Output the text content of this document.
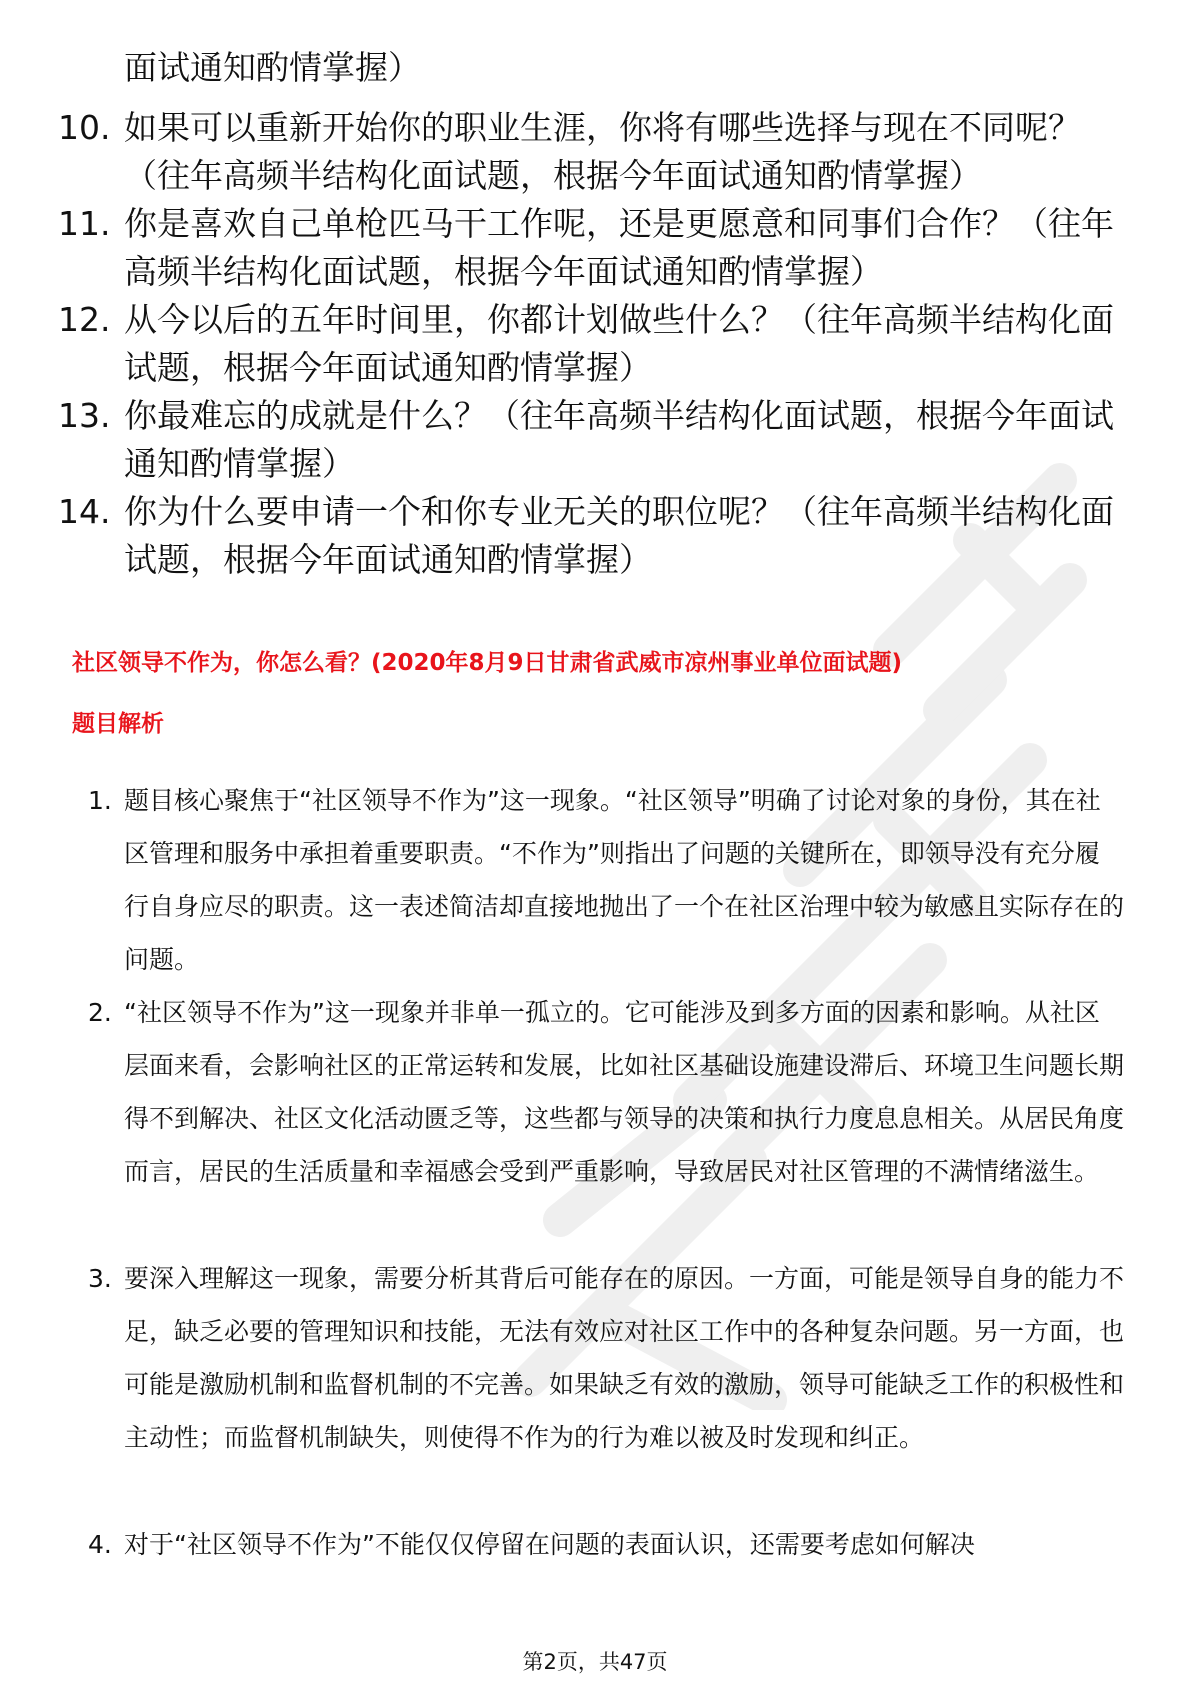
面试通知酌情掌握）
10. 如果可以重新开始你的职业生涯，你将有哪些选择与现在不同呢？（往年高频半结构化面试题，根据今年面试通知酌情掌握）
11. 你是喜欢自己单枪匹马干工作呢，还是更愿意和同事们合作？（往年高频半结构化面试题，根据今年面试通知酌情掌握）
12. 从今以后的五年时间里，你都计划做些什么？（往年高频半结构化面试题，根据今年面试通知酌情掌握）
13. 你最难忘的成就是什么？（往年高频半结构化面试题，根据今年面试通知酌情掌握）
14. 你为什么要申请一个和你专业无关的职位呢？（往年高频半结构化面试题，根据今年面试通知酌情掌握）
社区领导不作为，你怎么看？(2020年8月9日甘肃省武威市凉州事业单位面试题)
题目解析
1. 题目核心聚焦于“社区领导不作为”这一现象。“社区领导”明确了讨论对象的身份，其在社区管理和服务中承担着重要职责。“不作为”则指出了问题的关键所在，即领导没有充分履行自身应尽的职责。这一表述简洁却直接地抛出了一个在社区治理中较为敏感且实际存在的问题。
2. “社区领导不作为”这一现象并非单一孤立的。它可能涉及到多方面的因素和影响。从社区层面来看，会影响社区的正常运转和发展，比如社区基础设施建设滞后、环境卫生问题长期得不到解决、社区文化活动匮乏等，这些都与领导的决策和执行力度息息相关。从居民角度而言，居民的生活质量和幸福感会受到严重影响，导致居民对社区管理的不满情绪滋生。
3. 要深入理解这一现象，需要分析其背后可能存在的原因。一方面，可能是领导自身的能力不足，缺乏必要的管理知识和技能，无法有效应对社区工作中的各种复杂问题。另一方面，也可能是激励机制和监督机制的不完善。如果缺乏有效的激励，领导可能缺乏工作的积极性和主动性；而监督机制缺失，则使得不作为的行为难以被及时发现和纠正。
4. 对于“社区领导不作为”不能仅仅停留在问题的表面认识，还需要考虑如何解决
第2页，共47页
